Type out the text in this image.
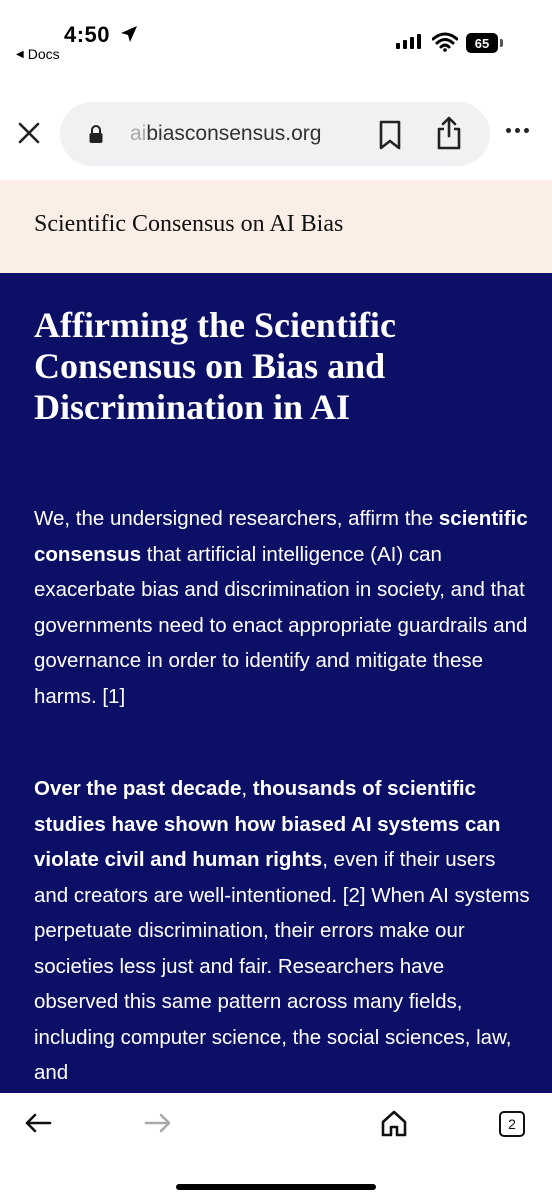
4:50
◀ Docs
65
aibiasconsensus.org
Scientific Consensus on AI Bias
Affirming the Scientific Consensus on Bias and Discrimination in AI

We, the undersigned researchers, affirm the scientific consensus that artificial intelligence (AI) can exacerbate bias and discrimination in society, and that governments need to enact appropriate guardrails and governance in order to identify and mitigate these harms. [1]

Over the past decade, thousands of scientific studies have shown how biased AI systems can violate civil and human rights, even if their users and creators are well-intentioned. [2] When AI systems perpetuate discrimination, their errors make our societies less just and fair. Researchers have observed this same pattern across many fields, including computer science, the social sciences, law, and

2
